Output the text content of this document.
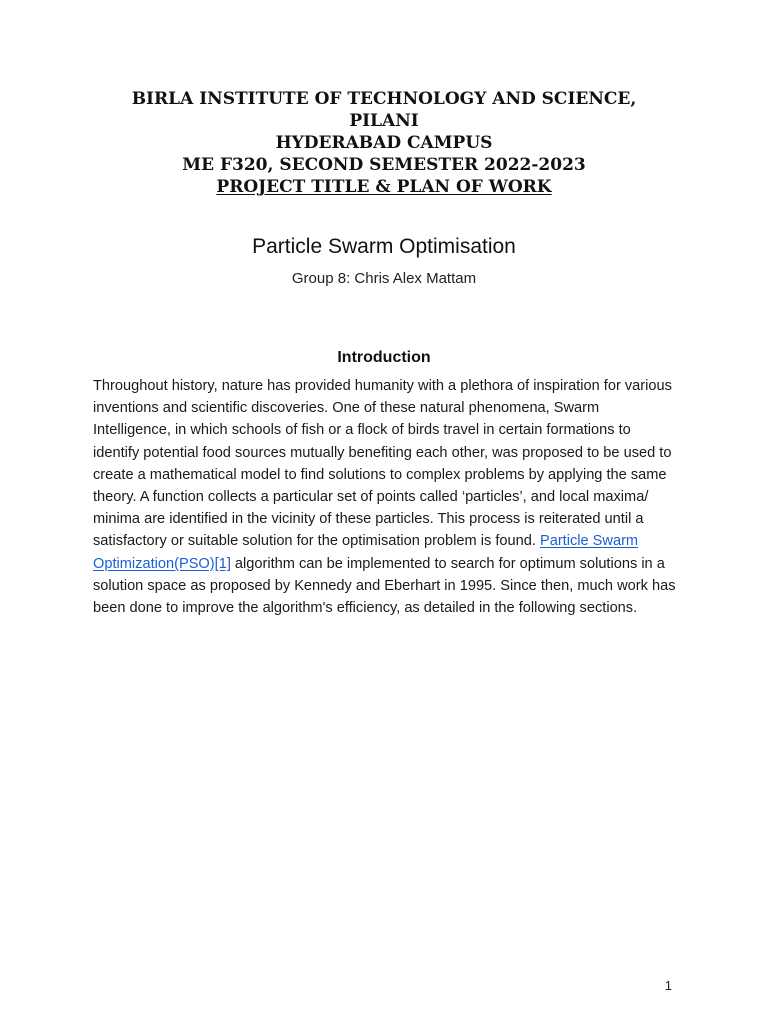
BIRLA INSTITUTE OF TECHNOLOGY AND SCIENCE,
PILANI
HYDERABAD CAMPUS
ME F320, SECOND SEMESTER 2022-2023
PROJECT TITLE & PLAN OF WORK
Particle Swarm Optimisation
Group 8: Chris Alex Mattam
Introduction

Throughout history, nature has provided humanity with a plethora of inspiration for various inventions and scientific discoveries. One of these natural phenomena, Swarm Intelligence, in which schools of fish or a flock of birds travel in certain formations to identify potential food sources mutually benefiting each other, was proposed to be used to create a mathematical model to find solutions to complex problems by applying the same theory. A function collects a particular set of points called ‘particles’, and local maxima/ minima are identified in the vicinity of these particles. This process is reiterated until a satisfactory or suitable solution for the optimisation problem is found. Particle Swarm Optimization(PSO)[1] algorithm can be implemented to search for optimum solutions in a solution space as proposed by Kennedy and Eberhart in 1995. Since then, much work has been done to improve the algorithm's efficiency, as detailed in the following sections.

1
